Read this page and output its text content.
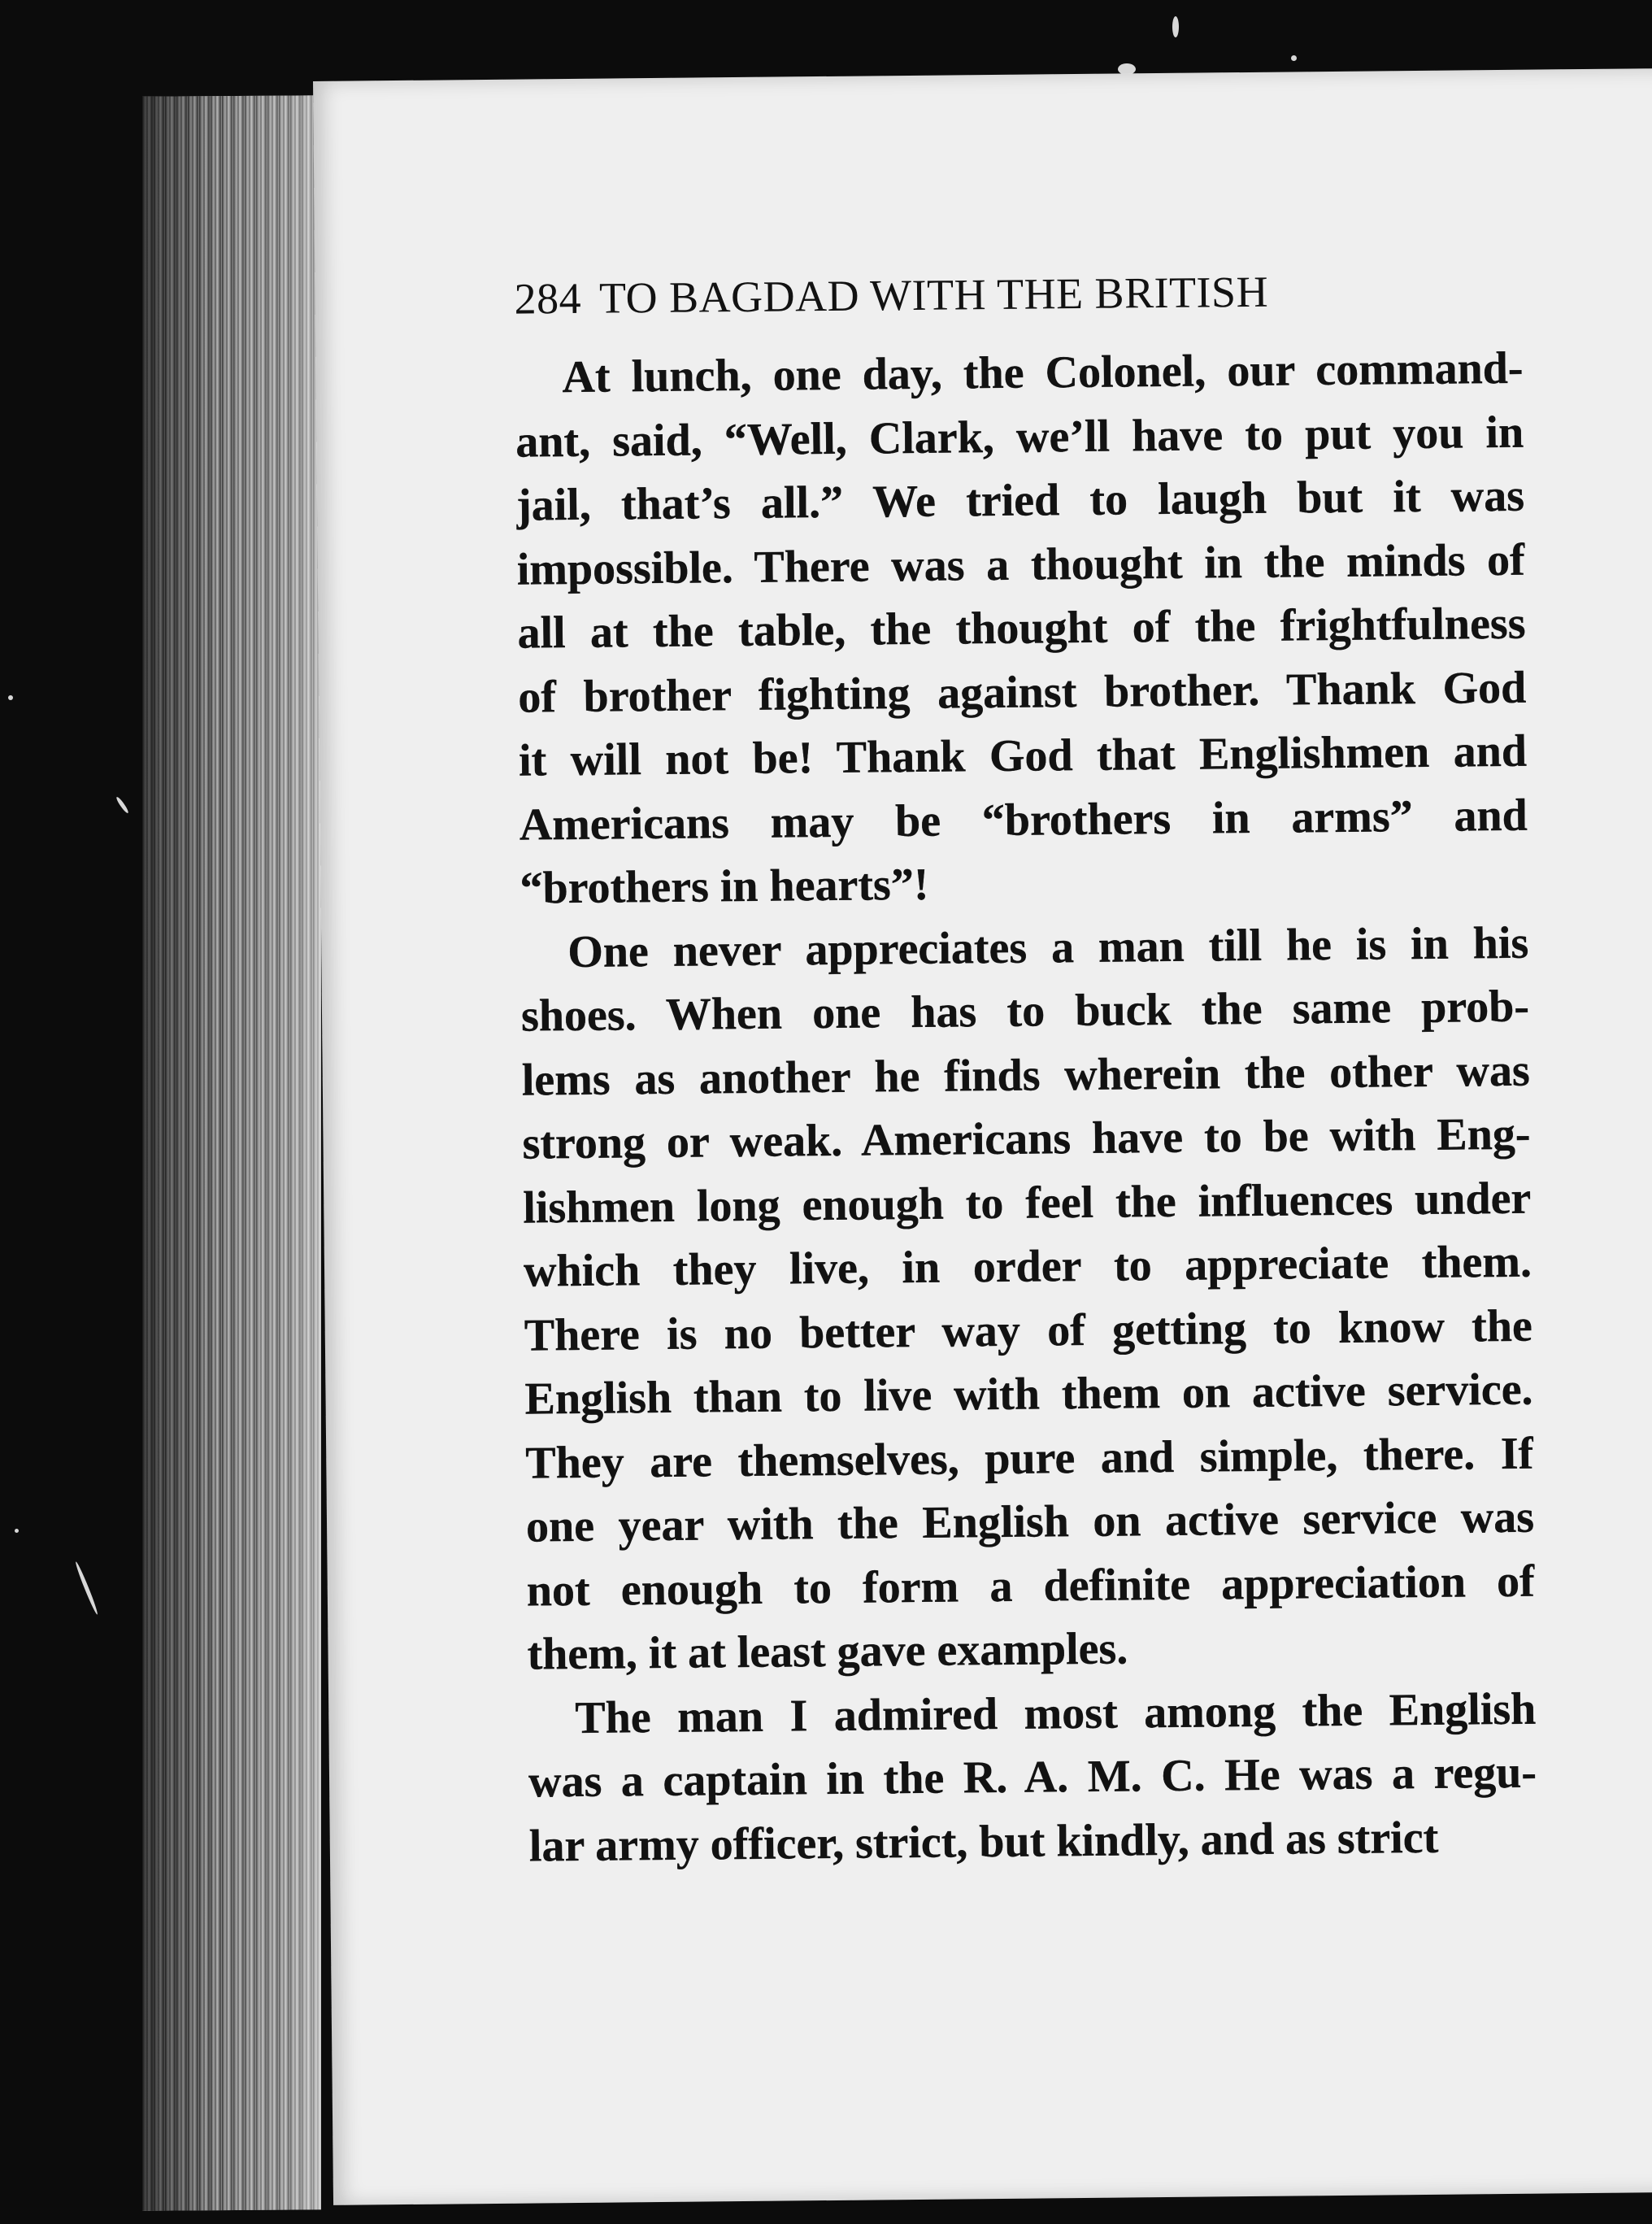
284 TO BAGDAD WITH THE BRITISH
At lunch, one day, the Colonel, our command-
ant, said, “Well, Clark, we’ll have to put you in
jail, that’s all.” We tried to laugh but it was
impossible. There was a thought in the minds of
all at the table, the thought of the frightfulness
of brother fighting against brother. Thank God
it will not be! Thank God that Englishmen and
Americans may be “brothers in arms” and
“brothers in hearts”!
One never appreciates a man till he is in his
shoes. When one has to buck the same prob-
lems as another he finds wherein the other was
strong or weak. Americans have to be with Eng-
lishmen long enough to feel the influences under
which they live, in order to appreciate them.
There is no better way of getting to know the
English than to live with them on active service.
They are themselves, pure and simple, there. If
one year with the English on active service was
not enough to form a definite appreciation of
them, it at least gave examples.
The man I admired most among the English
was a captain in the R. A. M. C. He was a regu-
lar army officer, strict, but kindly, and as strict
